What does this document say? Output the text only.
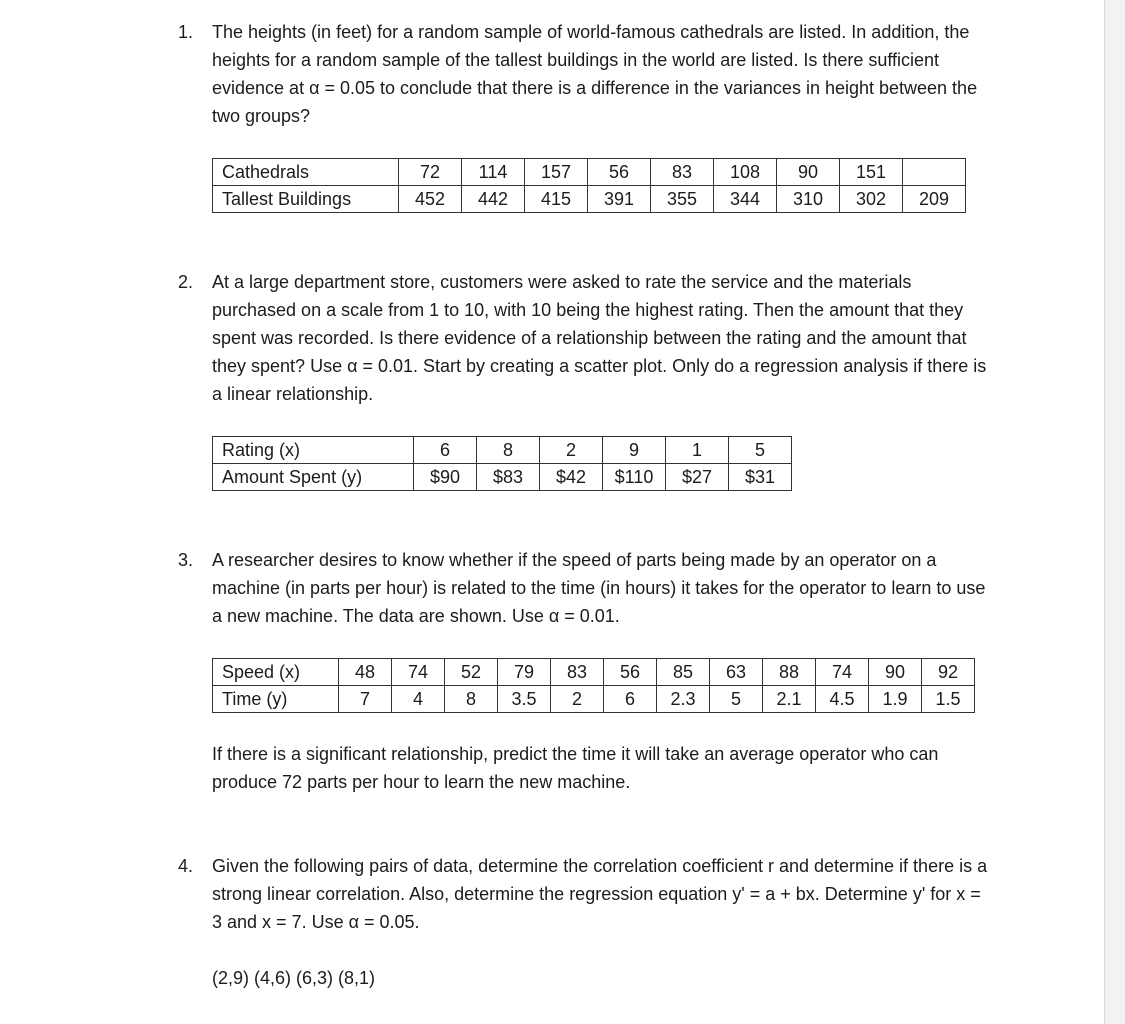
1.	The heights (in feet) for a random sample of world-famous cathedrals are listed. In addition, the heights for a random sample of the tallest buildings in the world are listed. Is there sufficient evidence at α = 0.05 to conclude that there is a difference in the variances in height between the two groups?
Cathedrals	72	114	157	56	83	108	90	151	
Tallest Buildings	452	442	415	391	355	344	310	302	209
2.	At a large department store, customers were asked to rate the service and the materials purchased on a scale from 1 to 10, with 10 being the highest rating. Then the amount that they spent was recorded. Is there evidence of a relationship between the rating and the amount that they spent? Use α = 0.01. Start by creating a scatter plot. Only do a regression analysis if there is a linear relationship.
Rating (x)	6	8	2	9	1	5
Amount Spent (y)	$90	$83	$42	$110	$27	$31
3.	A researcher desires to know whether if the speed of parts being made by an operator on a machine (in parts per hour) is related to the time (in hours) it takes for the operator to learn to use a new machine. The data are shown. Use α = 0.01.
Speed (x)	48	74	52	79	83	56	85	63	88	74	90	92
Time (y)	7	4	8	3.5	2	6	2.3	5	2.1	4.5	1.9	1.5
If there is a significant relationship, predict the time it will take an average operator who can produce 72 parts per hour to learn the new machine.
4.	Given the following pairs of data, determine the correlation coefficient r and determine if there is a strong linear correlation. Also, determine the regression equation y' = a + bx. Determine y' for x = 3 and x = 7. Use α = 0.05.
(2,9) (4,6) (6,3) (8,1)
